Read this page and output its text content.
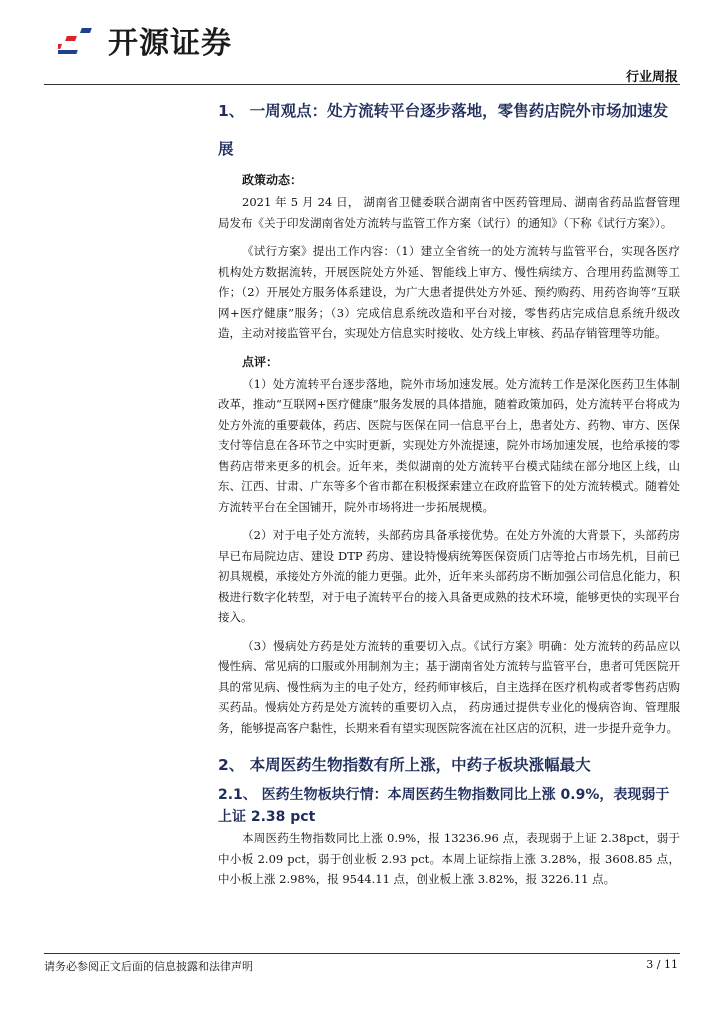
开源证券
行业周报
1、 一周观点：处方流转平台逐步落地，零售药店院外市场加速发展
政策动态：

2021 年 5 月 24 日， 湖南省卫健委联合湖南省中医药管理局、湖南省药品监督管理局发布《关于印发湖南省处方流转与监管工作方案（试行）的通知》（下称《试行方案》）。

《试行方案》提出工作内容：（1）建立全省统一的处方流转与监管平台，实现各医疗机构处方数据流转，开展医院处方外延、智能线上审方、慢性病续方、合理用药监测等工作；（2）开展处方服务体系建设，为广大患者提供处方外延、预约购药、用药咨询等“互联网+医疗健康”服务；（3）完成信息系统改造和平台对接，零售药店完成信息系统升级改造，主动对接监管平台，实现处方信息实时接收、处方线上审核、药品存销管理等功能。

点评：

（1）处方流转平台逐步落地，院外市场加速发展。处方流转工作是深化医药卫生体制改革，推动“互联网+医疗健康”服务发展的具体措施，随着政策加码，处方流转平台将成为处方外流的重要载体，药店、医院与医保在同一信息平台上，患者处方、药物、审方、医保支付等信息在各环节之中实时更新，实现处方外流提速，院外市场加速发展，也给承接的零售药店带来更多的机会。近年来，类似湖南的处方流转平台模式陆续在部分地区上线，山东、江西、甘肃、广东等多个省市都在积极探索建立在政府监管下的处方流转模式。随着处方流转平台在全国铺开，院外市场将进一步拓展规模。

（2）对于电子处方流转，头部药房具备承接优势。在处方外流的大背景下，头部药房早已布局院边店、建设 DTP 药房、建设特慢病统筹医保资质门店等抢占市场先机，目前已初具规模，承接处方外流的能力更强。此外，近年来头部药房不断加强公司信息化能力，积极进行数字化转型，对于电子流转平台的接入具备更成熟的技术环境，能够更快的实现平台接入。

（3）慢病处方药是处方流转的重要切入点。《试行方案》明确：处方流转的药品应以慢性病、常见病的口服或外用制剂为主；基于湖南省处方流转与监管平台，患者可凭医院开具的常见病、慢性病为主的电子处方，经药师审核后，自主选择在医疗机构或者零售药店购买药品。慢病处方药是处方流转的重要切入点， 药房通过提供专业化的慢病咨询、管理服务，能够提高客户黏性，长期来看有望实现医院客流在社区店的沉积，进一步提升竞争力。

2、 本周医药生物指数有所上涨，中药子板块涨幅最大
2.1、 医药生物板块行情：本周医药生物指数同比上涨 0.9%，表现弱于上证 2.38 pct

本周医药生物指数同比上涨 0.9%，报 13236.96 点，表现弱于上证 2.38pct，弱于中小板 2.09 pct，弱于创业板 2.93 pct。本周上证综指上涨 3.28%，报 3608.85 点， 中小板上涨 2.98%，报 9544.11 点，创业板上涨 3.82%，报 3226.11 点。

请务必参阅正文后面的信息披露和法律声明	3 / 11
